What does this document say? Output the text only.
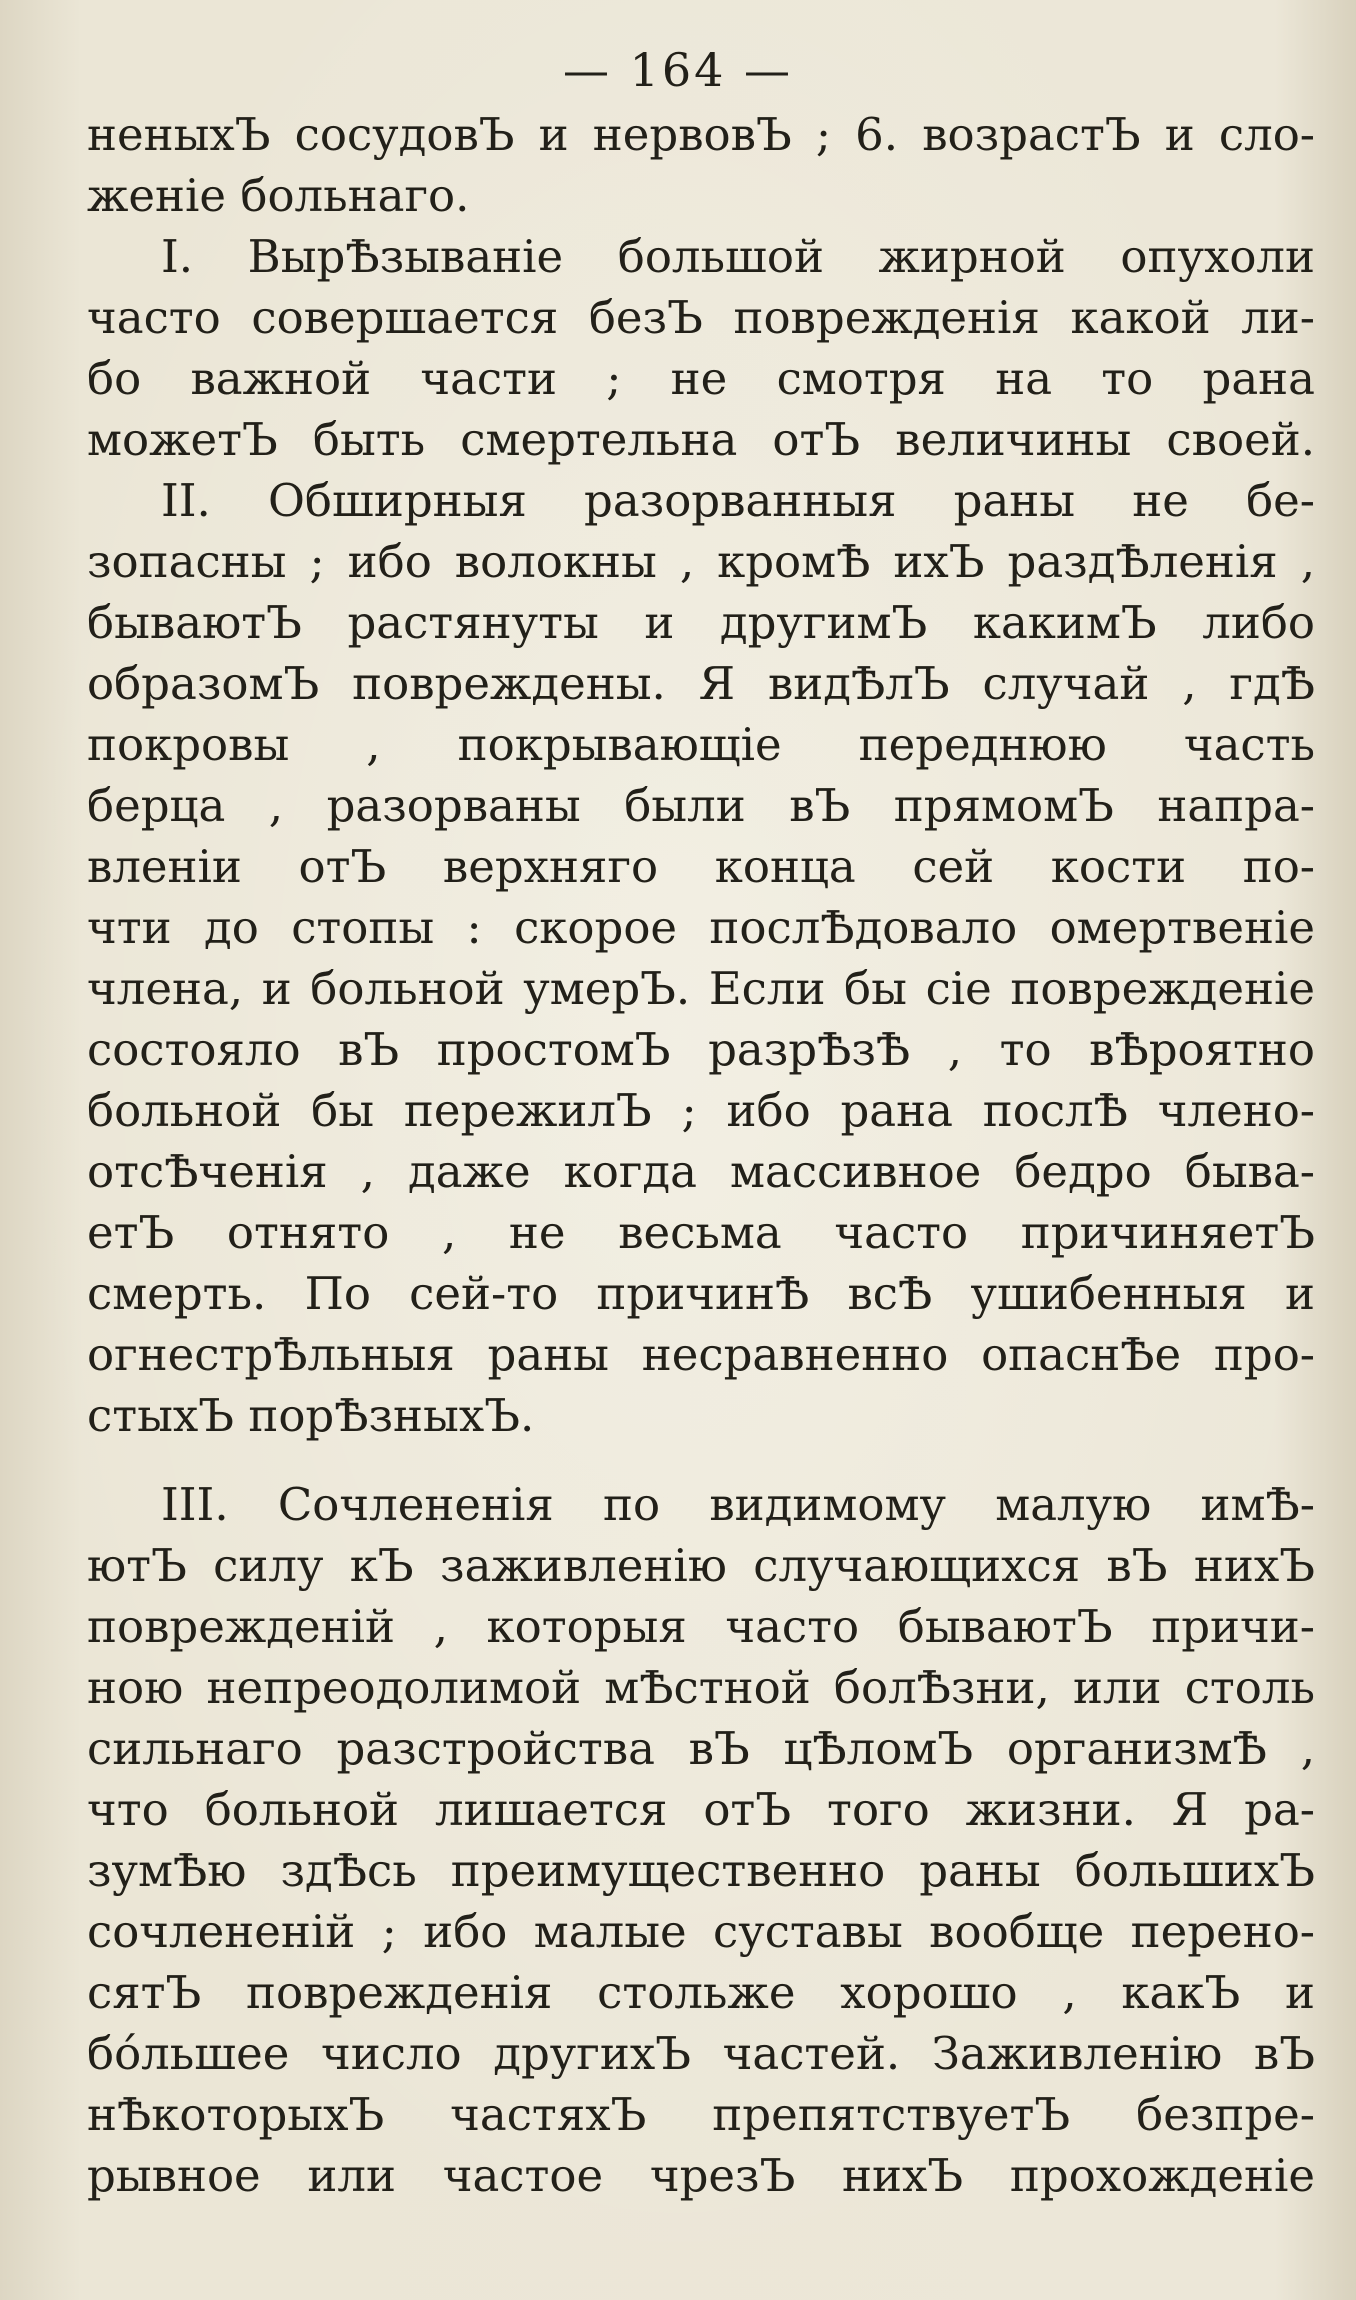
— 164 —
неныхЪ сосудовЪ и нервовЪ ; 6. возрастЪ и сло-
женіе больнаго.
I. ВырѢзываніе большой жирной опухоли
часто совершается безЪ поврежденія какой ли-
бо важной части ; не смотря на то рана
можетЪ быть смертельна отЪ величины своей.
II. Обширныя разорванныя раны не бе-
зопасны ; ибо волокны , кромѢ ихЪ раздѢленія ,
бываютЪ растянуты и другимЪ какимЪ либо
образомЪ повреждены. Я видѢлЪ случай , гдѢ
покровы , покрывающіе переднюю часть
берца , разорваны были вЪ прямомЪ напра-
вленіи отЪ верхняго конца сей кости по-
чти до стопы : скорое послѢдовало омертвеніе
члена, и больной умерЪ. Если бы сіе поврежденіе
состояло вЪ простомЪ разрѢзѢ , то вѢроятно
больной бы пережилЪ ; ибо рана послѢ члено-
отсѢченія , даже когда массивное бедро быва-
етЪ отнято , не весьма часто причиняетЪ
смерть. По сей-то причинѢ всѢ ушибенныя и
огнестрѢльныя раны несравненно опаснѢе про-
стыхЪ порѢзныхЪ.
III. Сочлененія по видимому малую имѢ-
ютЪ силу кЪ заживленію случающихся вЪ нихЪ
поврежденій , которыя часто бываютЪ причи-
ною непреодолимой мѢстной болѢзни, или столь
сильнаго разстройства вЪ цѢломЪ организмѢ ,
что больной лишается отЪ того жизни. Я ра-
зумѢю здѢсь преимущественно раны большихЪ
сочлененій ; ибо малые суставы вообще перено-
сятЪ поврежденія стольже хорошо , какЪ и
бо́льшее число другихЪ частей. Заживленію вЪ
нѢкоторыхЪ частяхЪ препятствуетЪ безпре-
рывное или частое чрезЪ нихЪ прохожденіе
